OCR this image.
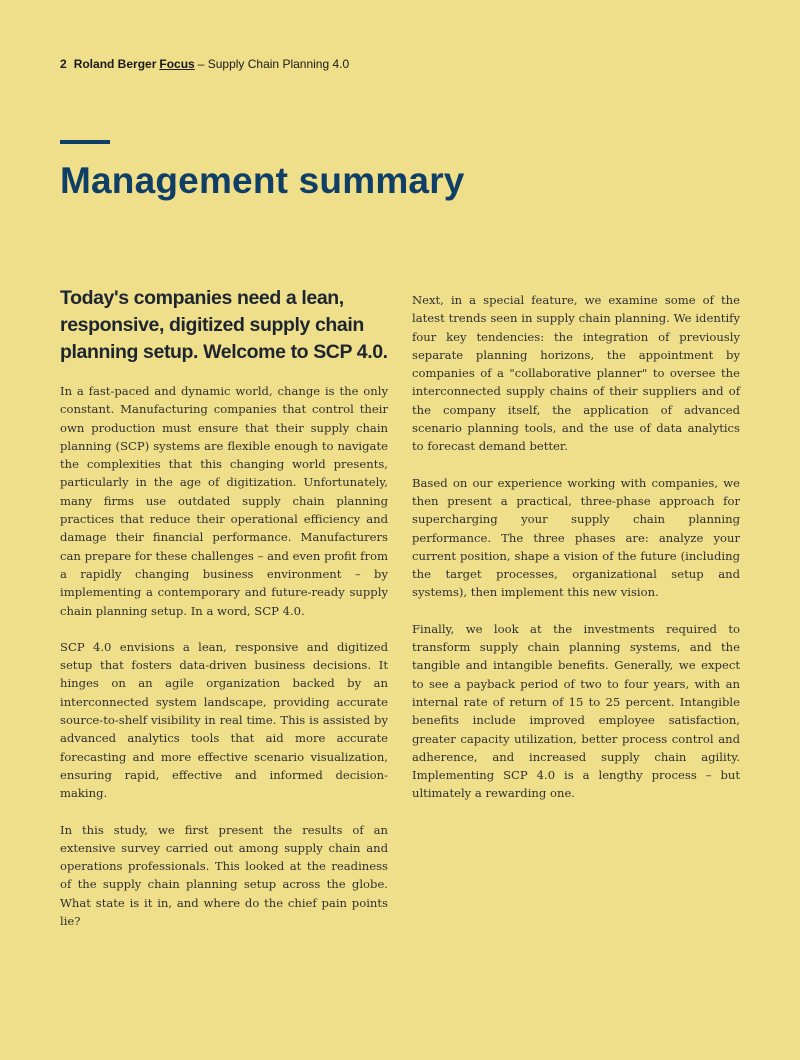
2 Roland Berger Focus – Supply Chain Planning 4.0
Management summary
Today's companies need a lean, responsive, digitized supply chain planning setup. Welcome to SCP 4.0.

In a fast-paced and dynamic world, change is the only constant. Manufacturing companies that control their own production must ensure that their supply chain planning (SCP) systems are flexible enough to navigate the complexities that this changing world presents, particularly in the age of digitization. Unfortunately, many firms use outdated supply chain planning practices that reduce their operational efficiency and damage their financial performance. Manufacturers can prepare for these challenges – and even profit from a rapidly changing business environment – by implementing a contemporary and future-ready supply chain planning setup. In a word, SCP 4.0.

SCP 4.0 envisions a lean, responsive and digitized setup that fosters data-driven business decisions. It hinges on an agile organization backed by an interconnected system landscape, providing accurate source-to-shelf visibility in real time. This is assisted by advanced analytics tools that aid more accurate forecasting and more effective scenario visualization, ensuring rapid, effective and informed decision-making.

In this study, we first present the results of an extensive survey carried out among supply chain and operations professionals. This looked at the readiness of the supply chain planning setup across the globe. What state is it in, and where do the chief pain points lie?

Next, in a special feature, we examine some of the latest trends seen in supply chain planning. We identify four key tendencies: the integration of previously separate planning horizons, the appointment by companies of a "collaborative planner" to oversee the interconnected supply chains of their suppliers and of the company itself, the application of advanced scenario planning tools, and the use of data analytics to forecast demand better.

Based on our experience working with companies, we then present a practical, three-phase approach for supercharging your supply chain planning performance. The three phases are: analyze your current position, shape a vision of the future (including the target processes, organizational setup and systems), then implement this new vision.

Finally, we look at the investments required to transform supply chain planning systems, and the tangible and intangible benefits. Generally, we expect to see a payback period of two to four years, with an internal rate of return of 15 to 25 percent. Intangible benefits include improved employee satisfaction, greater capacity utilization, better process control and adherence, and increased supply chain agility. Implementing SCP 4.0 is a lengthy process – but ultimately a rewarding one.
